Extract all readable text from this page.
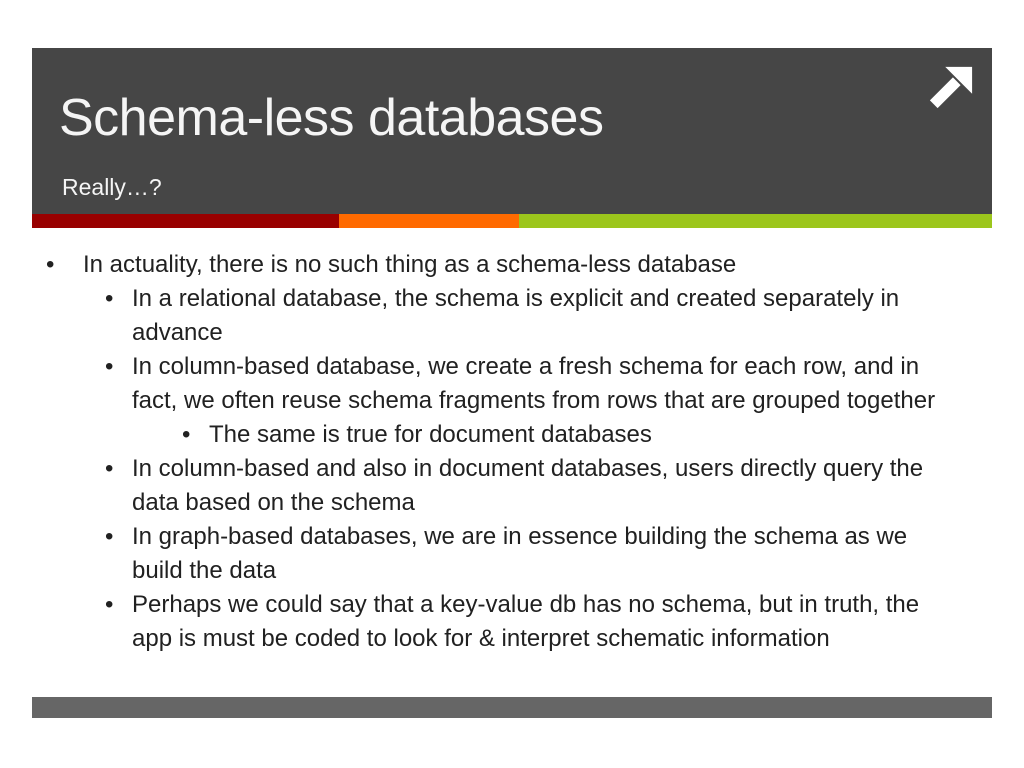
Schema-less databases
Really…?
• In actuality, there is no such thing as a schema-less database
• In a relational database, the schema is explicit and created separately in advance
• In column-based database, we create a fresh schema for each row, and in fact, we often reuse schema fragments from rows that are grouped together
• The same is true for document databases
• In column-based and also in document databases, users directly query the data based on the schema
• In graph-based databases, we are in essence building the schema as we build the data
• Perhaps we could say that a key-value db has no schema, but in truth, the app is must be coded to look for & interpret schematic information
